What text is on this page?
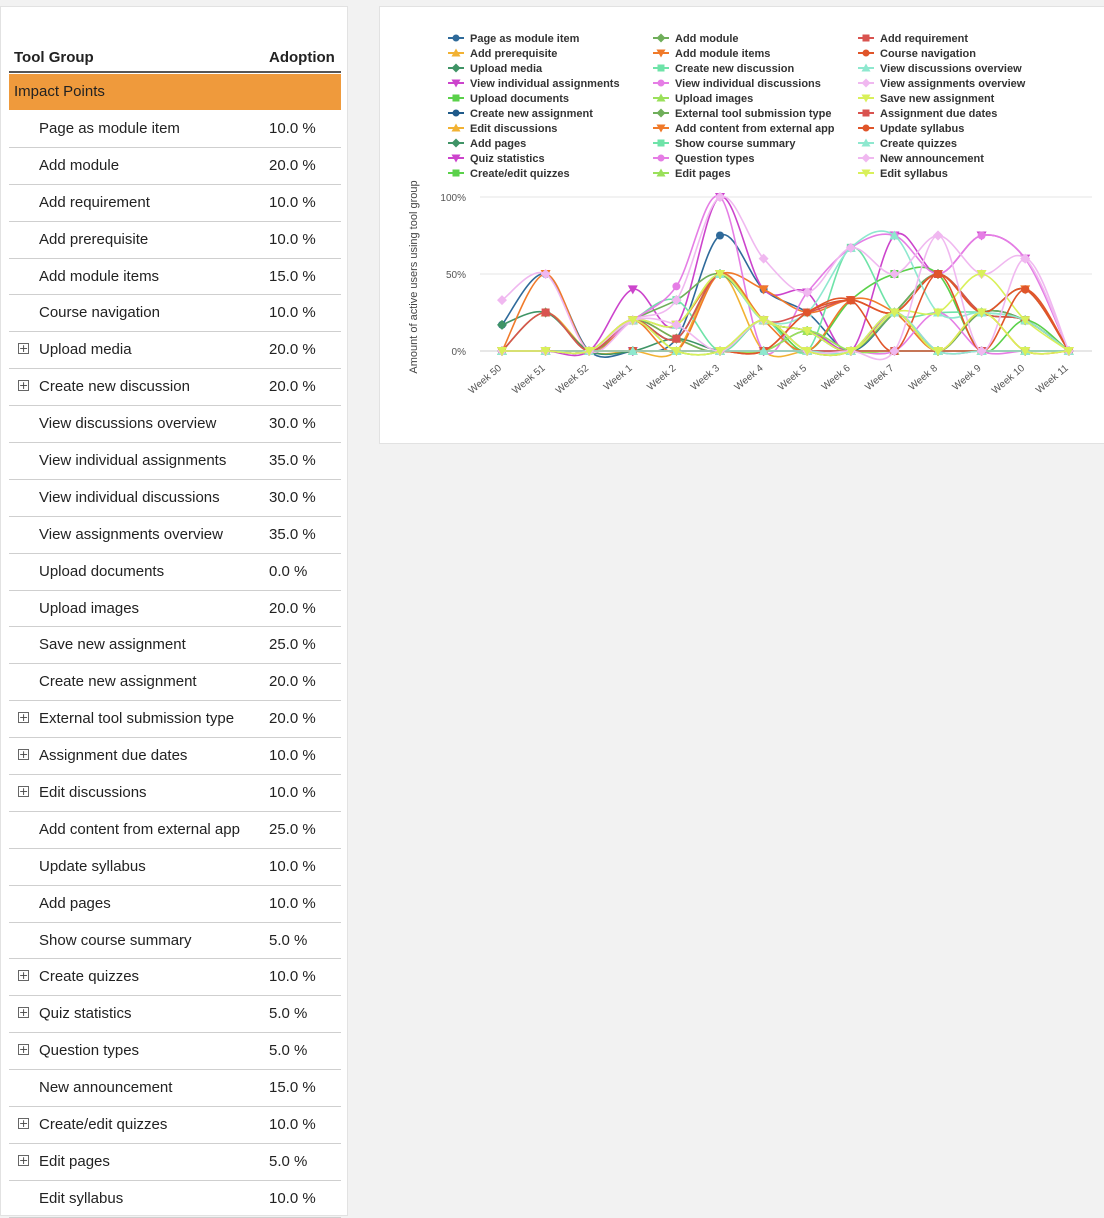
Tool Group	Adoption
Impact Points
Page as module item	10.0 %
Add module	20.0 %
Add requirement	10.0 %
Add prerequisite	10.0 %
Add module items	15.0 %
Course navigation	10.0 %
+ Upload media	20.0 %
+ Create new discussion	20.0 %
View discussions overview	30.0 %
View individual assignments	35.0 %
View individual discussions	30.0 %
View assignments overview	35.0 %
Upload documents	0.0 %
Upload images	20.0 %
Save new assignment	25.0 %
Create new assignment	20.0 %
+ External tool submission type 20.0 %
+ Assignment due dates	10.0 %
+ Edit discussions	10.0 %
Add content from external app 25.0 %
Update syllabus	10.0 %
Add pages	10.0 %
Show course summary	5.0 %
+ Create quizzes	10.0 %
+ Quiz statistics	5.0 %
+ Question types	5.0 %
New announcement	15.0 %
+ Create/edit quizzes	10.0 %
+ Edit pages	5.0 %
Edit syllabus	10.0 %
0%
50%
100%
Amount of active users using tool group
Week 50 Week 51 Week 52 Week 1 Week 2 Week 3 Week 4 Week 5 Week 6 Week 7 Week 8 Week 9 Week 10 Week 11
Page as module item
Add prerequisite
Upload media
View individual assignments
Upload documents
Create new assignment
Edit discussions
Add pages
Quiz statistics
Create/edit quizzes
Add module
Add module items
Create new discussion
View individual discussions
Upload images
External tool submission type
Add content from external app
Show course summary
Question types
Edit pages
Add requirement
Course navigation
View discussions overview
View assignments overview
Save new assignment
Assignment due dates
Update syllabus
Create quizzes
New announcement
Edit syllabus
